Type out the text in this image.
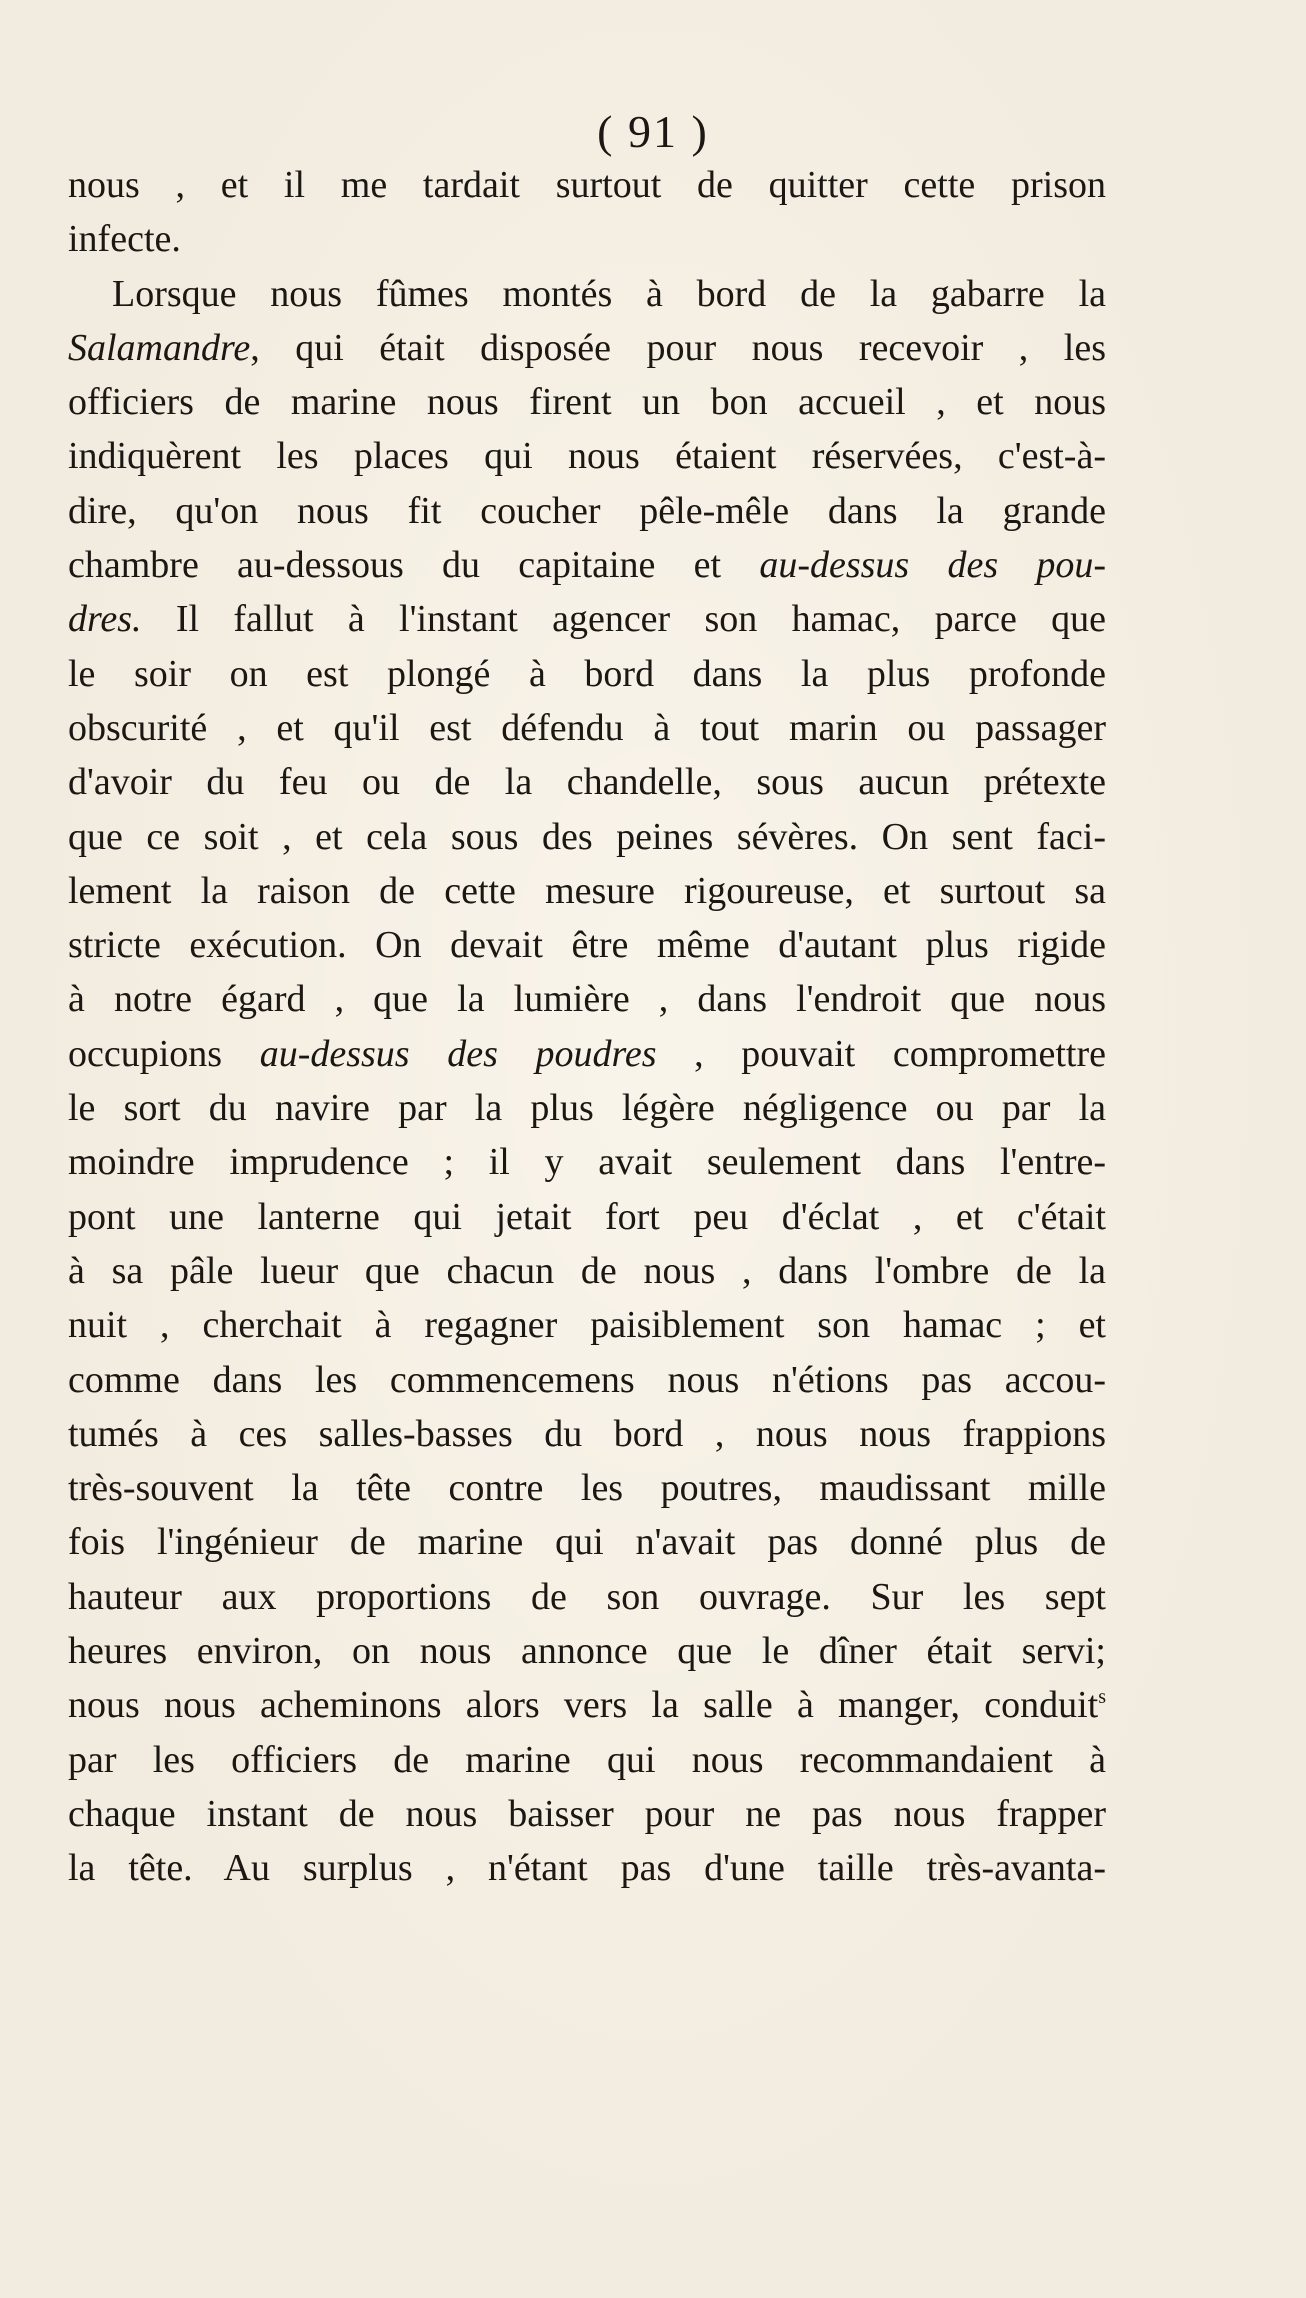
( 91 )
nous , et il me tardait surtout de quitter cette prison
infecte.
Lorsque nous fûmes montés à bord de la gabarre la
Salamandre, qui était disposée pour nous recevoir , les
officiers de marine nous firent un bon accueil , et nous
indiquèrent les places qui nous étaient réservées, c'est-à-
dire, qu'on nous fit coucher pêle-mêle dans la grande
chambre au-dessous du capitaine et au-dessus des pou-
dres. Il fallut à l'instant agencer son hamac, parce que
le soir on est plongé à bord dans la plus profonde
obscurité , et qu'il est défendu à tout marin ou passager
d'avoir du feu ou de la chandelle, sous aucun prétexte
que ce soit , et cela sous des peines sévères. On sent faci-
lement la raison de cette mesure rigoureuse, et surtout sa
stricte exécution. On devait être même d'autant plus rigide
à notre égard , que la lumière , dans l'endroit que nous
occupions au-dessus des poudres , pouvait compromettre
le sort du navire par la plus légère négligence ou par la
moindre imprudence ; il y avait seulement dans l'entre-
pont une lanterne qui jetait fort peu d'éclat , et c'était
à sa pâle lueur que chacun de nous , dans l'ombre de la
nuit , cherchait à regagner paisiblement son hamac ; et
comme dans les commencemens nous n'étions pas accou-
tumés à ces salles-basses du bord , nous nous frappions
très-souvent la tête contre les poutres, maudissant mille
fois l'ingénieur de marine qui n'avait pas donné plus de
hauteur aux proportions de son ouvrage. Sur les sept
heures environ, on nous annonce que le dîner était servi;
nous nous acheminons alors vers la salle à manger, conduit$^s$
par les officiers de marine qui nous recommandaient à
chaque instant de nous baisser pour ne pas nous frapper
la tête. Au surplus , n'étant pas d'une taille très-avanta-
